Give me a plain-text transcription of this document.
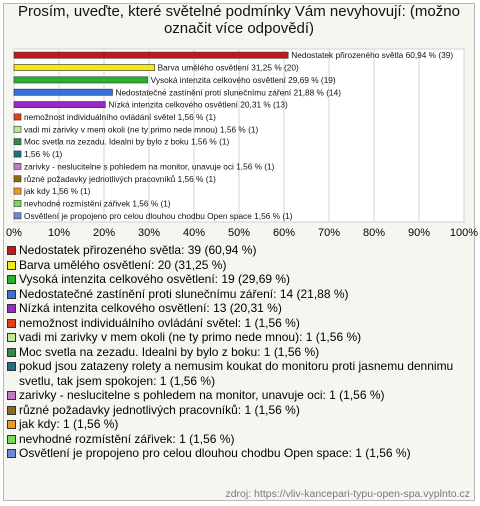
Prosím, uveďte, které světelné podmínky Vám nevyhovují: (možno označit více odpovědí)
0% 10% 20% 30% 40% 50% 60% 70% 80% 90% 100%
Nedostatek přirozeného světla 60,94 % (39)
Barva umělého osvětlení 31,25 % (20)
Vysoká intenzita celkového osvětlení 29,69 % (19)
Nedostatečné zastínění proti slunečnímu záření 21,88 % (14)
Nízká intenzita celkového osvětlení 20,31 % (13)
nemožnost individuálního ovládání světel 1,56 % (1)
vadi mi zarivky v mem okoli (ne ty primo nede mnou) 1,56 % (1)
Moc svetla na zezadu. Idealni by bylo z boku 1,56 % (1)
1,56 % (1)
zarivky - neslucitelne s pohledem na monitor, unavuje oci 1,56 % (1)
různé požadavky jednotlivých pracovníků 1,56 % (1)
jak kdy 1,56 % (1)
nevhodné rozmístění zářivek 1,56 % (1)
Osvětlení je propojeno pro celou dlouhou chodbu Open space 1,56 % (1)
Nedostatek přirozeného světla: 39 (60,94 %)
Barva umělého osvětlení: 20 (31,25 %)
Vysoká intenzita celkového osvětlení: 19 (29,69 %)
Nedostatečné zastínění proti slunečnímu záření: 14 (21,88 %)
Nízká intenzita celkového osvětlení: 13 (20,31 %)
nemožnost individuálního ovládání světel: 1 (1,56 %)
vadi mi zarivky v mem okoli (ne ty primo nede mnou): 1 (1,56 %)
Moc svetla na zezadu. Idealni by bylo z boku: 1 (1,56 %)
pokud jsou zatazeny rolety a nemusim koukat do monitoru proti jasnemu dennimu svetlu, tak jsem spokojen: 1 (1,56 %)
zarivky - neslucitelne s pohledem na monitor, unavuje oci: 1 (1,56 %)
různé požadavky jednotlivých pracovníků: 1 (1,56 %)
jak kdy: 1 (1,56 %)
nevhodné rozmístění zářivek: 1 (1,56 %)
Osvětlení je propojeno pro celou dlouhou chodbu Open space: 1 (1,56 %)
zdroj: https://vliv-kancepari-typu-open-spa.vyplnto.cz
